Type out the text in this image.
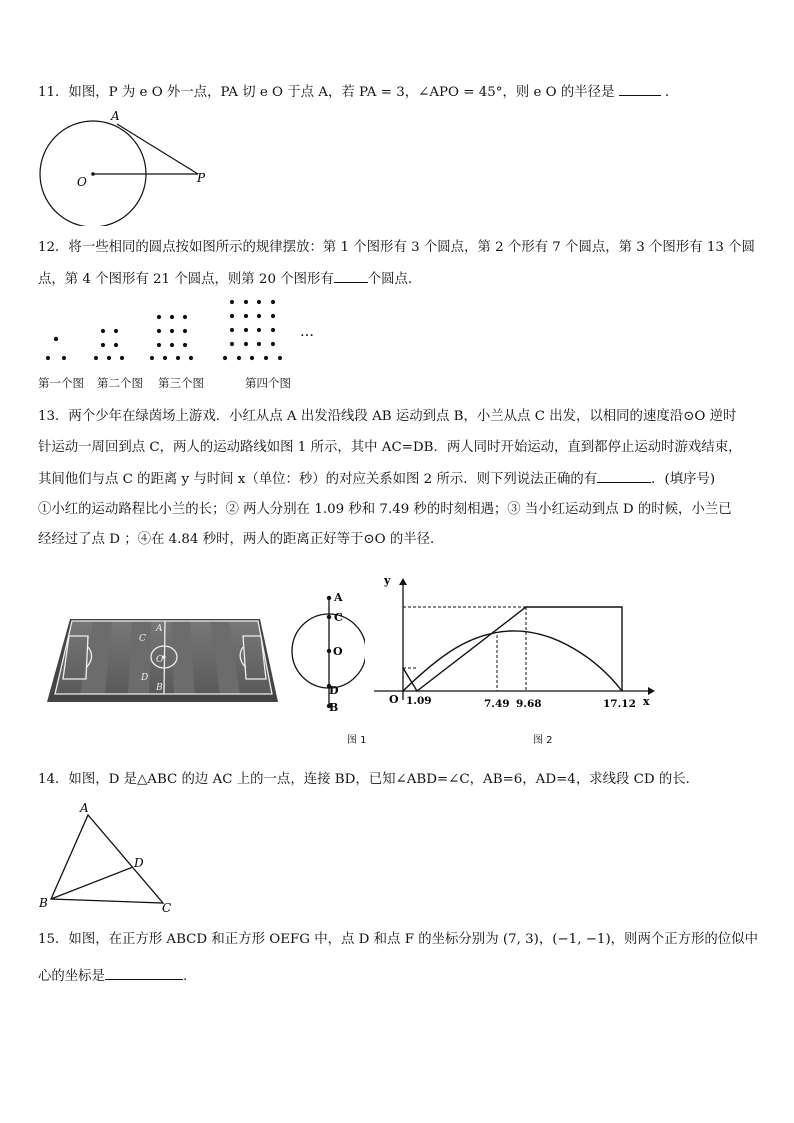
11．如图，P 为 e O 外一点，PA 切 e O 于点 A，若 PA = 3，∠APO = 45°，则 e O 的半径是	．
A
O	P
12．将一些相同的圆点按如图所示的规律摆放：第 1 个图形有 3 个圆点，第 2 个形有 7 个圆点，第 3 个图形有 13 个圆
点，第 4 个图形有 21 个圆点，则第 20 个图形有	个圆点．
…
第一个图 第二个图 第三个图	第四个图
13．两个少年在绿茵场上游戏．小红从点 A 出发沿线段 AB 运动到点 B，小兰从点 C 出发，以相同的速度沿⊙O 逆时
针运动一周回到点 C，两人的运动路线如图 1 所示，其中 AC=DB．两人同时开始运动，直到都停止运动时游戏结束，
其间他们与点 C 的距离 y 与时间 x（单位：秒）的对应关系如图 2 所示．则下列说法正确的有	．(填序号)
①小红的运动路程比小兰的长；② 两人分别在 1.09 秒和 7.49 秒的时刻相遇；③ 当小红运动到点 D 的时候，小兰已
经经过了点 D ；④在 4.84 秒时，两人的距离正好等于⊙O 的半径．
A
C
O
D
B
A
C
O
D
B
图 1
y
x
O 1.09	7.49 9.68	17.12
图 2
14．如图，D 是△ABC 的边 AC 上的一点，连接 BD，已知∠ABD=∠C，AB=6，AD=4，求线段 CD 的长．
A
B	C
D
15．如图，在正方形 ABCD 和正方形 OEFG 中，点 D 和点 F 的坐标分别为 (7, 3)，(−1, −1)，则两个正方形的位似中
心的坐标是	.
